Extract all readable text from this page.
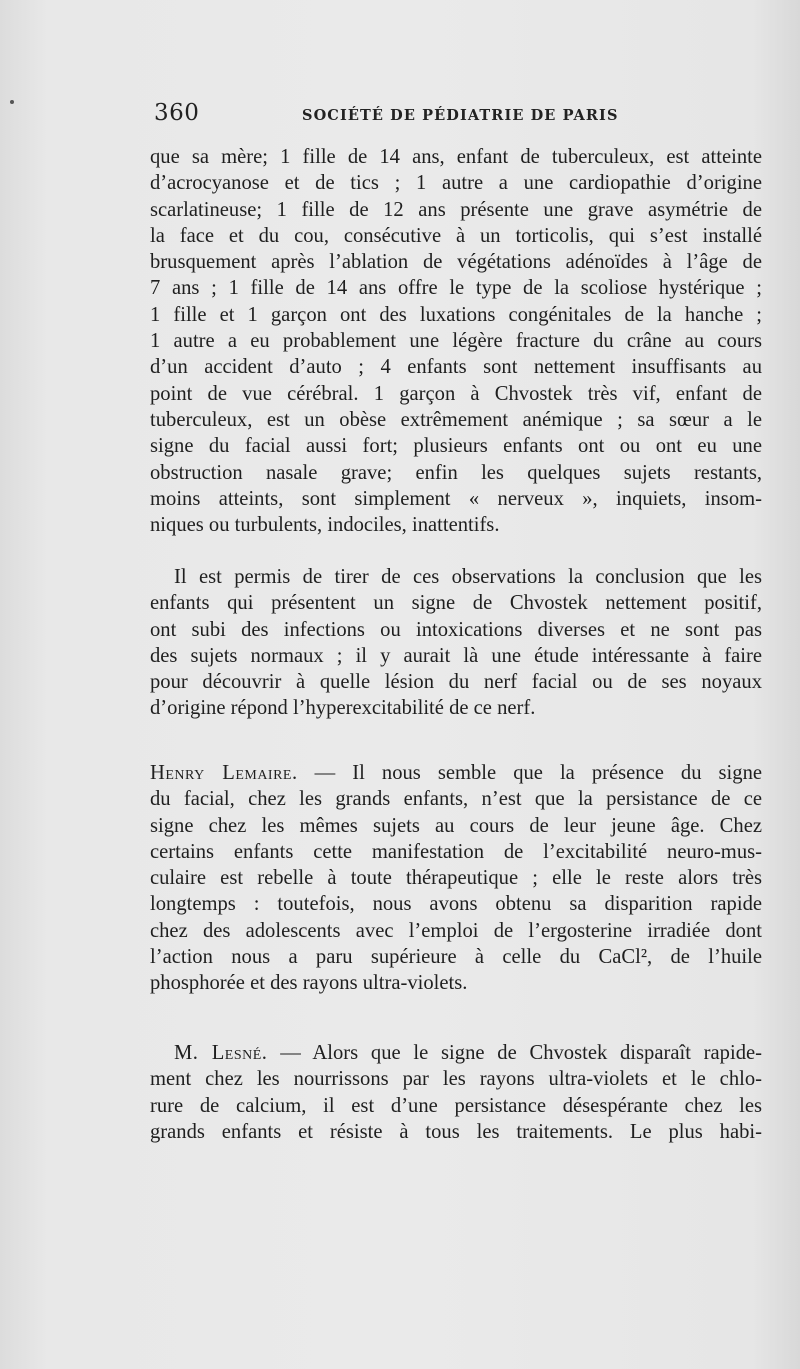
360	SOCIÉTÉ DE PÉDIATRIE DE PARIS
que sa mère; 1 fille de 14 ans, enfant de tuberculeux, est atteinte
d’acrocyanose et de tics ; 1 autre a une cardiopathie d’origine
scarlatineuse; 1 fille de 12 ans présente une grave asymétrie de
la face et du cou, consécutive à un torticolis, qui s’est installé
brusquement après l’ablation de végétations adénoïdes à l’âge de
7 ans ; 1 fille de 14 ans offre le type de la scoliose hystérique ;
1 fille et 1 garçon ont des luxations congénitales de la hanche ;
1 autre a eu probablement une légère fracture du crâne au cours
d’un accident d’auto ; 4 enfants sont nettement insuffisants au
point de vue cérébral. 1 garçon à Chvostek très vif, enfant de
tuberculeux, est un obèse extrêmement anémique ; sa sœur a le
signe du facial aussi fort; plusieurs enfants ont ou ont eu une
obstruction nasale grave; enfin les quelques sujets restants,
moins atteints, sont simplement « nerveux », inquiets, insom-
niques ou turbulents, indociles, inattentifs.
Il est permis de tirer de ces observations la conclusion que les
enfants qui présentent un signe de Chvostek nettement positif,
ont subi des infections ou intoxications diverses et ne sont pas
des sujets normaux ; il y aurait là une étude intéressante à faire
pour découvrir à quelle lésion du nerf facial ou de ses noyaux
d’origine répond l’hyperexcitabilité de ce nerf.
Henry Lemaire. — Il nous semble que la présence du signe
du facial, chez les grands enfants, n’est que la persistance de ce
signe chez les mêmes sujets au cours de leur jeune âge. Chez
certains enfants cette manifestation de l’excitabilité neuro-mus-
culaire est rebelle à toute thérapeutique ; elle le reste alors très
longtemps : toutefois, nous avons obtenu sa disparition rapide
chez des adolescents avec l’emploi de l’ergosterine irradiée dont
l’action nous a paru supérieure à celle du CaCl², de l’huile
phosphorée et des rayons ultra-violets.
M. Lesné. — Alors que le signe de Chvostek disparaît rapide-
ment chez les nourrissons par les rayons ultra-violets et le chlo-
rure de calcium, il est d’une persistance désespérante chez les
grands enfants et résiste à tous les traitements. Le plus habi-
